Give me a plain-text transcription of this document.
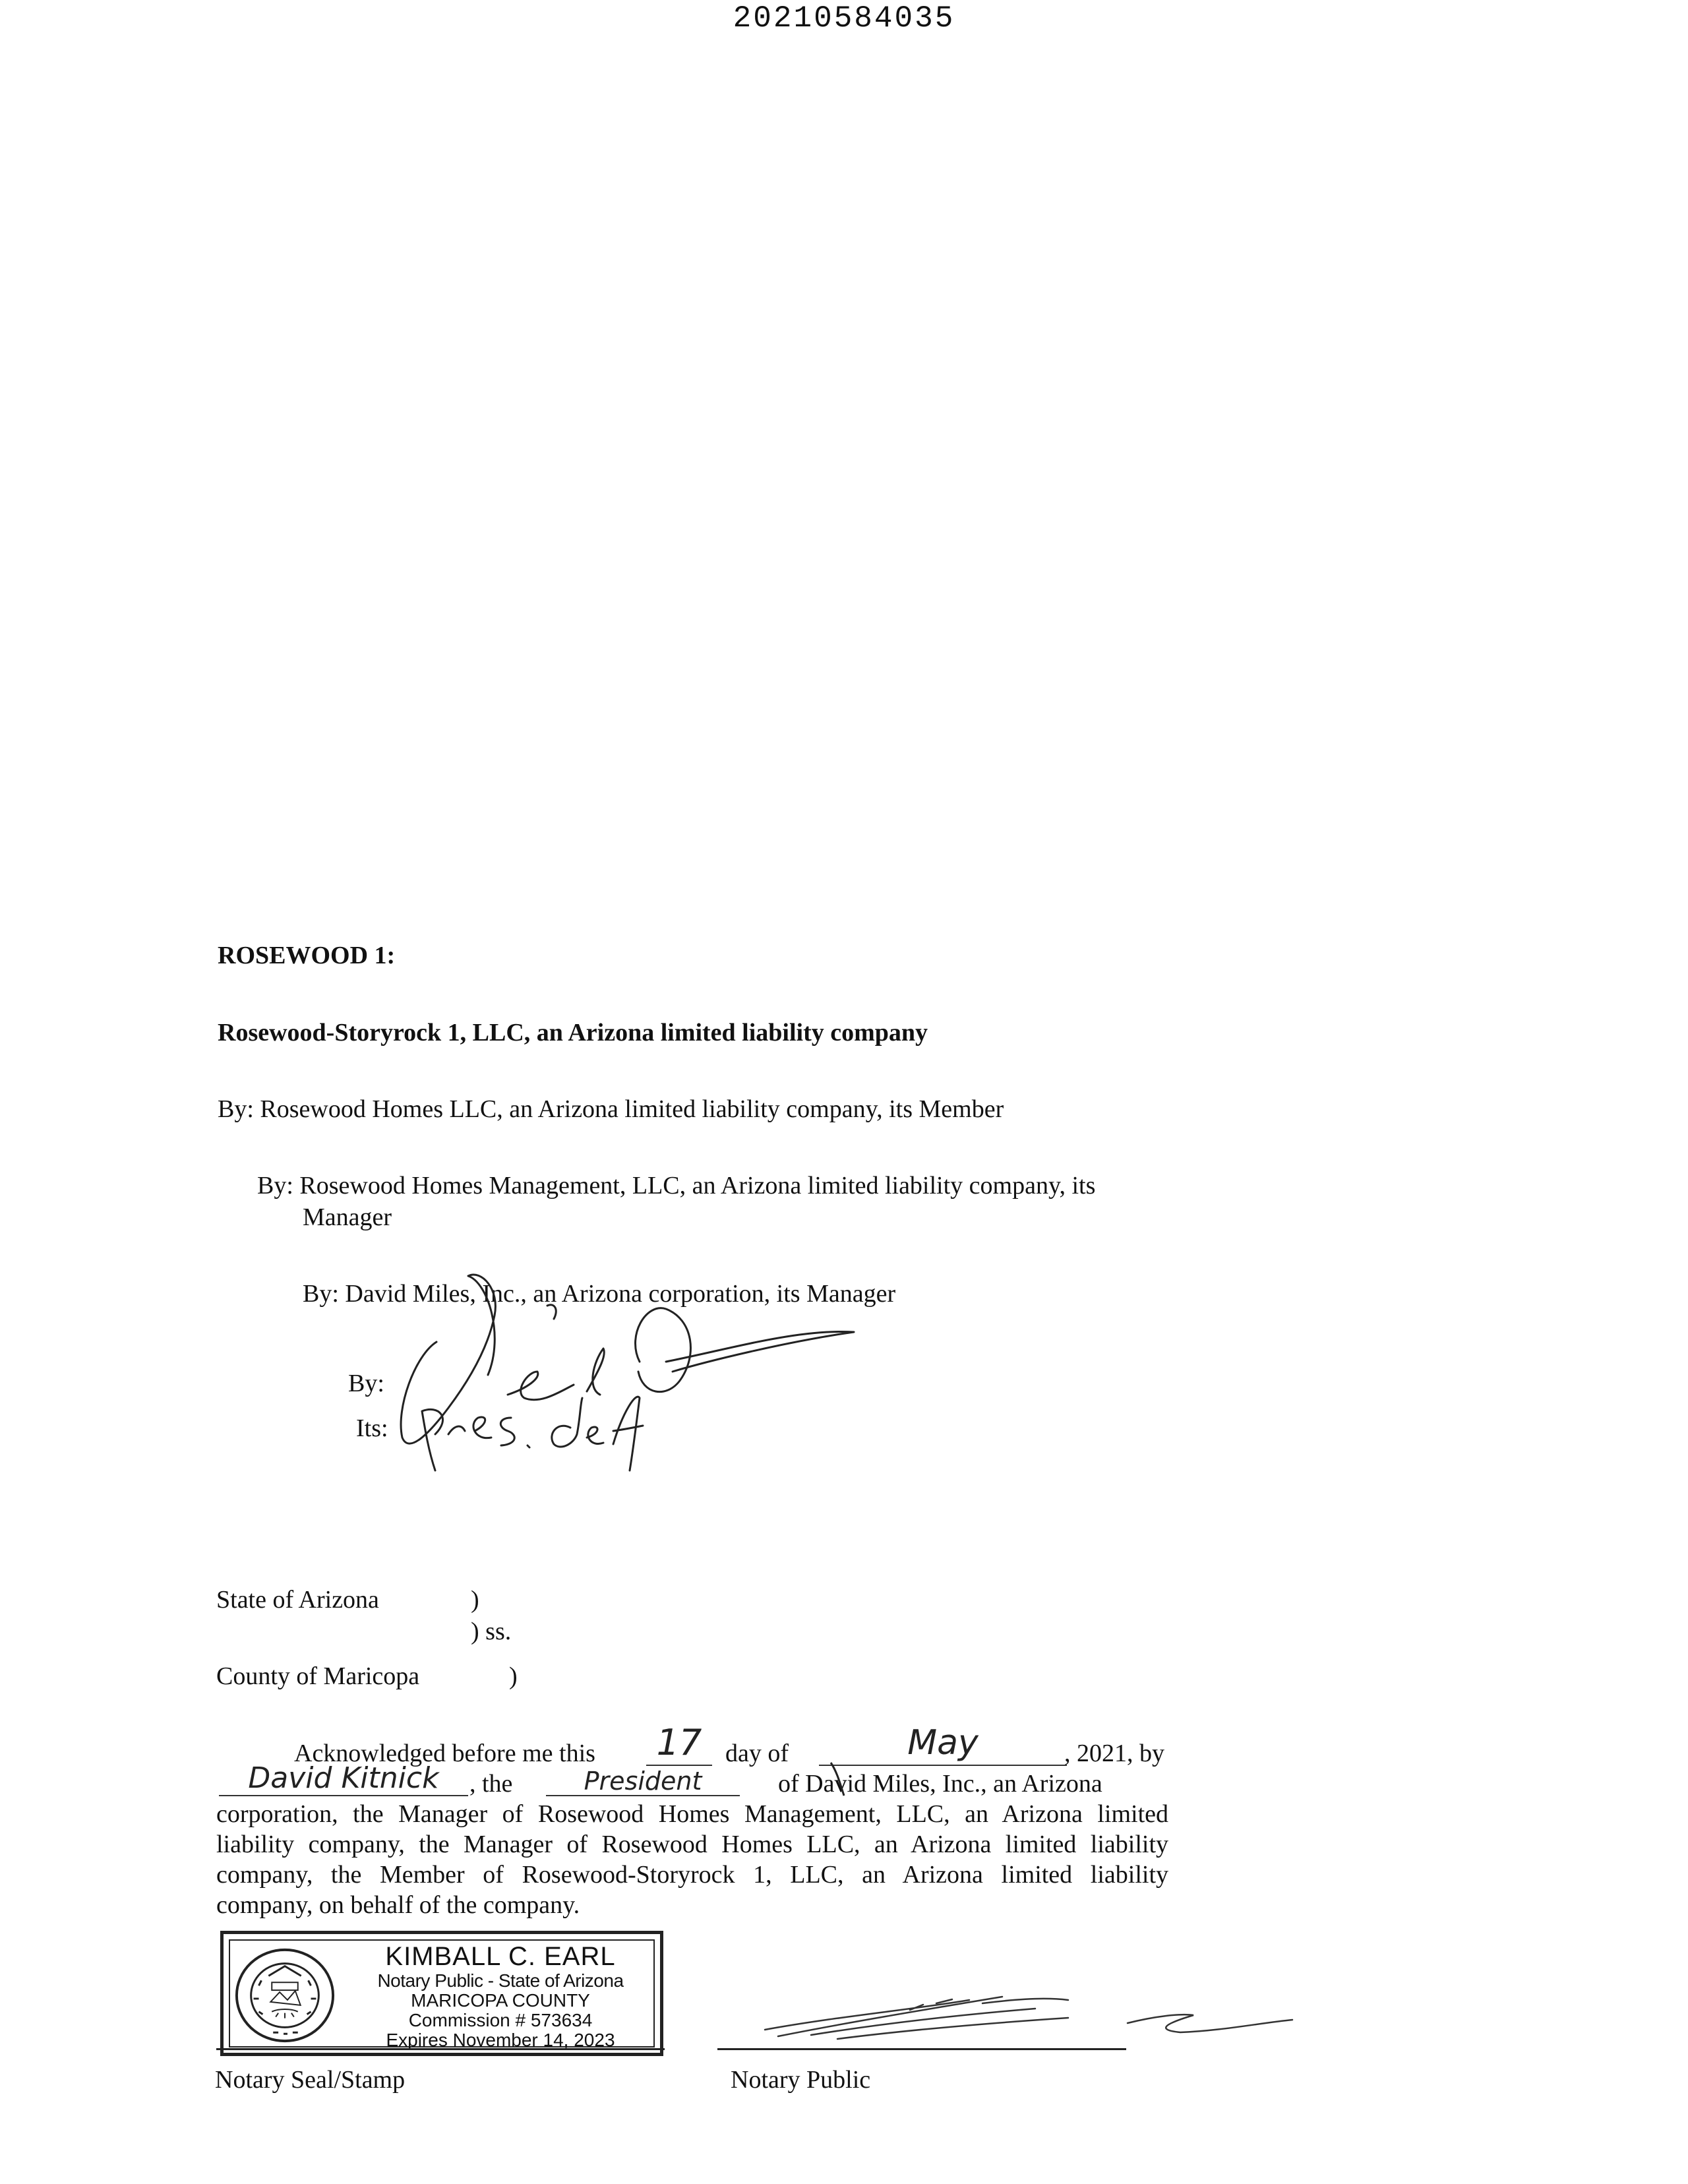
20210584035
ROSEWOOD 1:
Rosewood-Storyrock 1, LLC, an Arizona limited liability company
By: Rosewood Homes LLC, an Arizona limited liability company, its Member
By: Rosewood Homes Management, LLC, an Arizona limited liability company, its
Manager
By: David Miles, Inc., an Arizona corporation, its Manager
By:
Its:
State of Arizona	)
) ss.
County of Maricopa	)
Acknowledged before me this 17 day of	May	, 2021, by
David Kitnick	, the	President	of David Miles, Inc., an Arizona
corporation, the Manager of Rosewood Homes Management, LLC, an Arizona limited
liability company, the Manager of Rosewood Homes LLC, an Arizona limited liability
company, the Member of Rosewood-Storyrock 1, LLC, an Arizona limited liability
company, on behalf of the company.
KIMBALL C. EARL
Notary Public - State of Arizona
MARICOPA COUNTY
Commission # 573634
Expires November 14, 2023
Notary Seal/Stamp	Notary Public
